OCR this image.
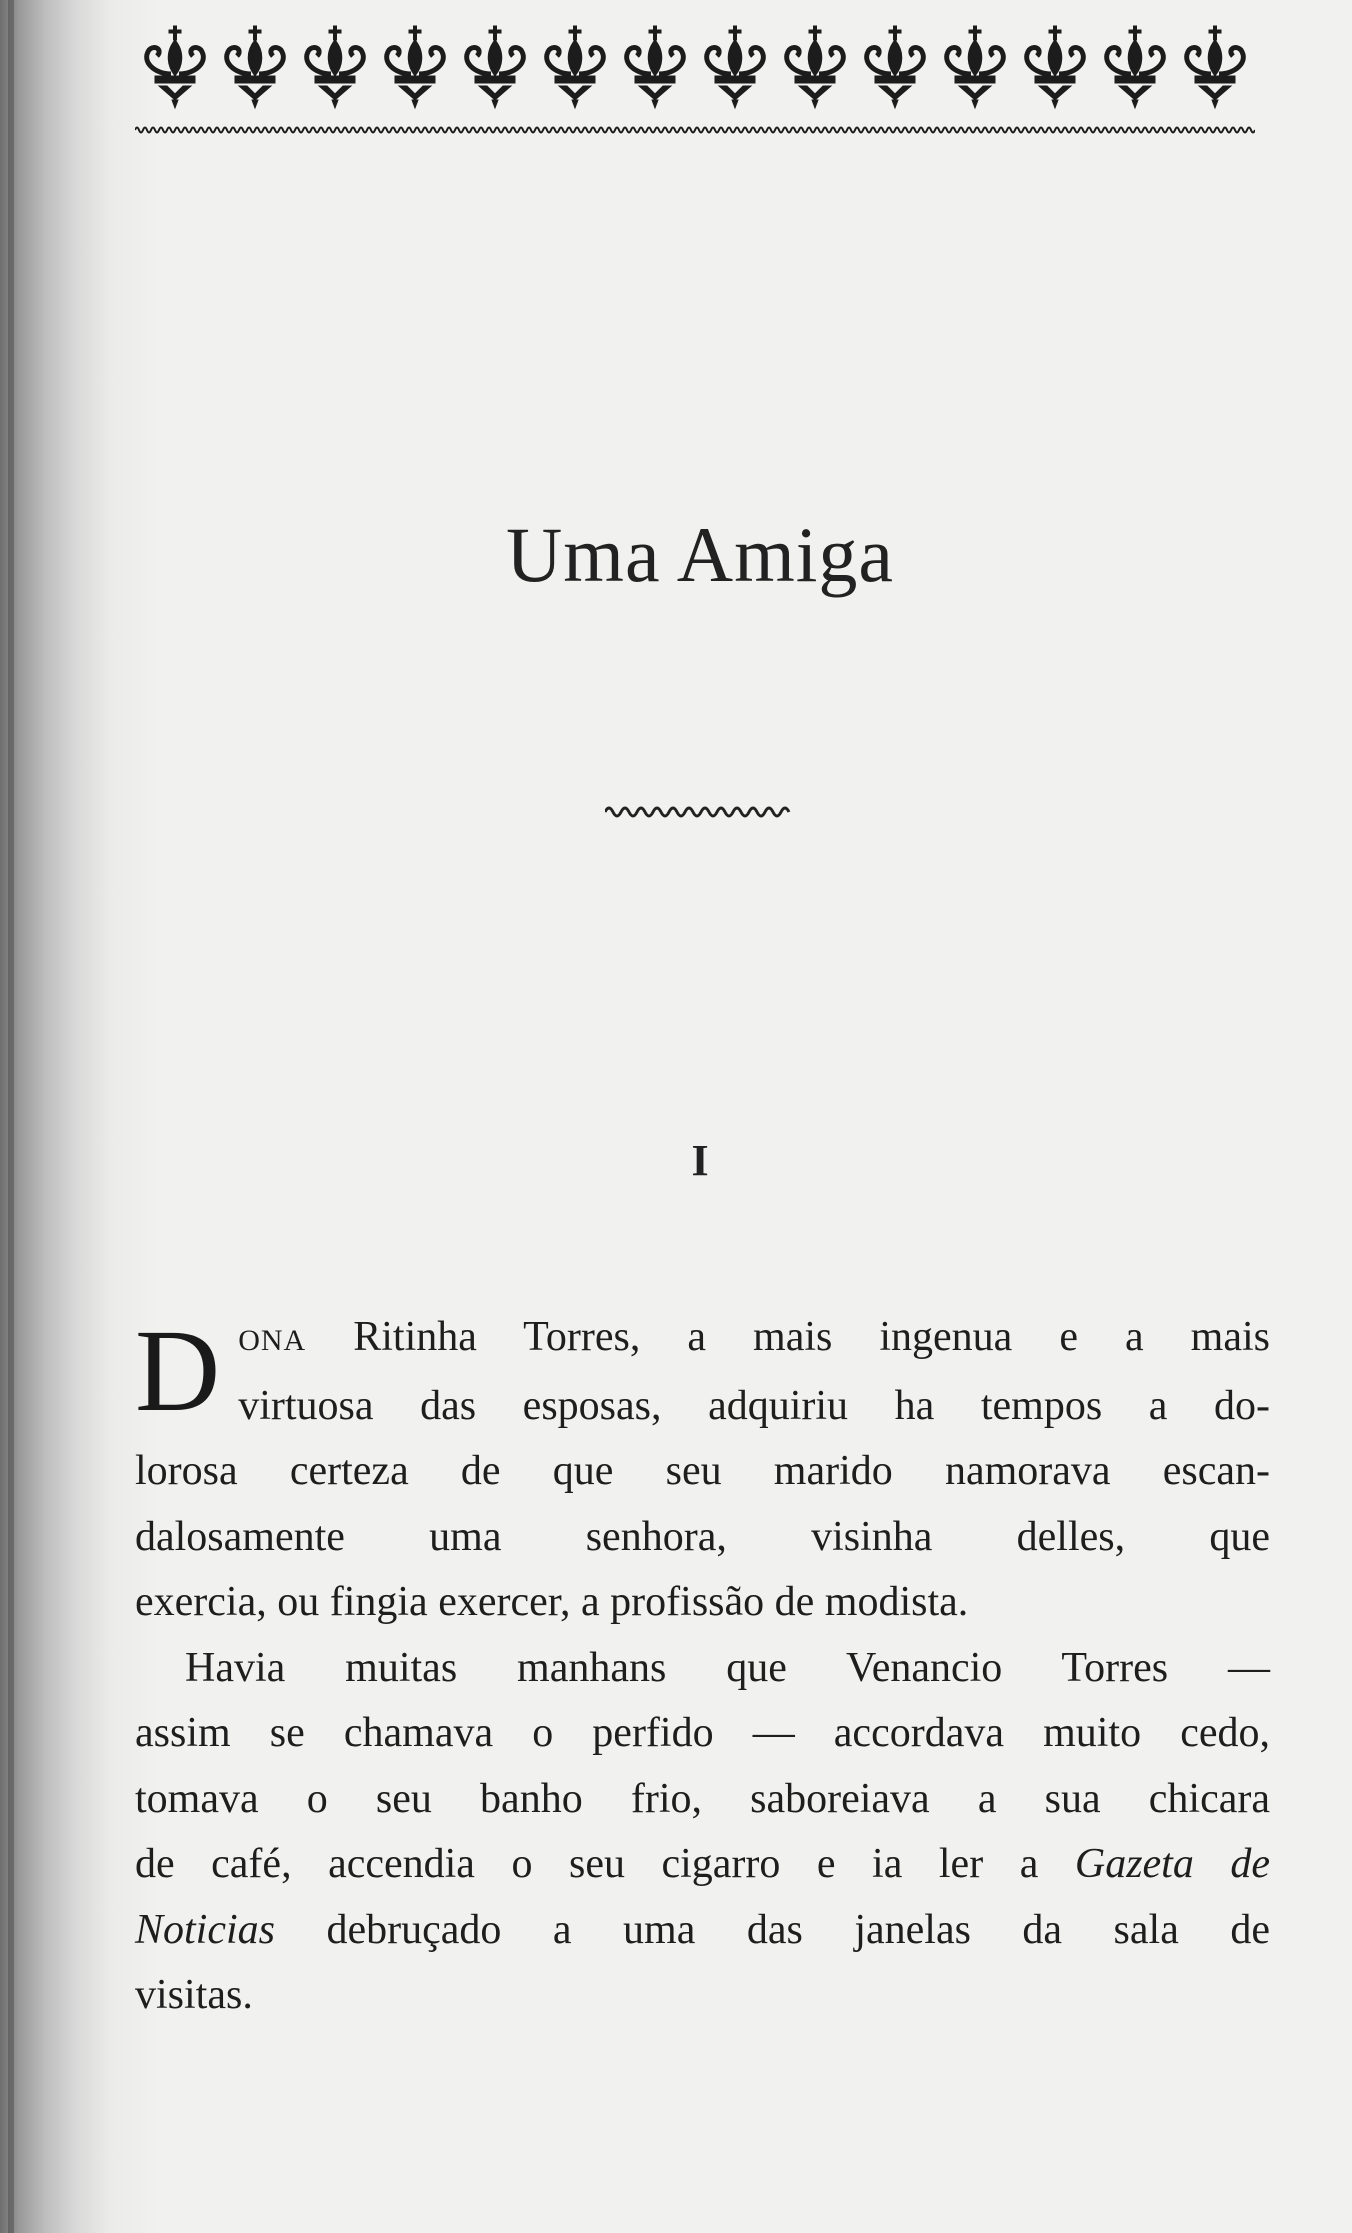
Uma Amiga
I
D ONA Ritinha Torres, a mais ingenua e a mais
virtuosa das esposas, adquiriu ha tempos a do-
lorosa certeza de que seu marido namorava escan-
dalosamente uma senhora, visinha delles, que
exercia, ou fingia exercer, a profissão de modista.
Havia muitas manhans que Venancio Torres —
assim se chamava o perfido — accordava muito cedo,
tomava o seu banho frio, saboreiava a sua chicara
de café, accendia o seu cigarro e ia ler a Gazeta de
Noticias debruçado a uma das janelas da sala de
visitas.
